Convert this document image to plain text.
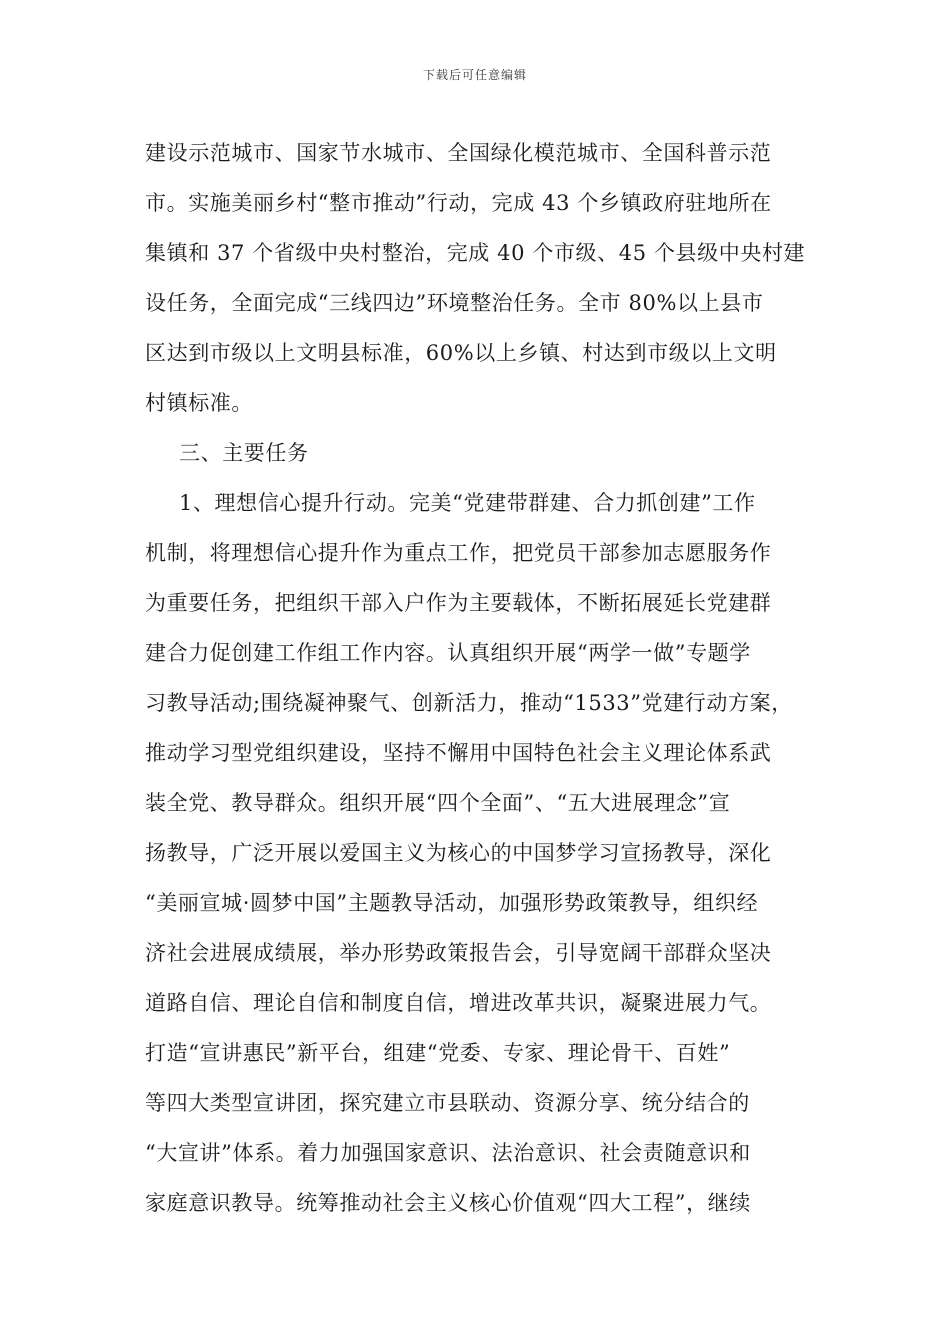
下载后可任意编辑
建设示范城市、国家节水城市、全国绿化模范城市、全国科普示范
市。实施美丽乡村“整市推动”行动，完成 43 个乡镇政府驻地所在
集镇和 37 个省级中央村整治，完成 40 个市级、45 个县级中央村建
设任务，全面完成“三线四边”环境整治任务。全市 80%以上县市
区达到市级以上文明县标准，60%以上乡镇、村达到市级以上文明
村镇标准。
三、主要任务
1、理想信心提升行动。完美“党建带群建、合力抓创建”工作
机制，将理想信心提升作为重点工作，把党员干部参加志愿服务作
为重要任务，把组织干部入户作为主要载体，不断拓展延长党建群
建合力促创建工作组工作内容。认真组织开展“两学一做”专题学
习教导活动;围绕凝神聚气、创新活力，推动“1533”党建行动方案，
推动学习型党组织建设，坚持不懈用中国特色社会主义理论体系武
装全党、教导群众。组织开展“四个全面”、“五大进展理念”宣
扬教导，广泛开展以爱国主义为核心的中国梦学习宣扬教导，深化
“美丽宣城·圆梦中国”主题教导活动，加强形势政策教导，组织经
济社会进展成绩展，举办形势政策报告会，引导宽阔干部群众坚决
道路自信、理论自信和制度自信，增进改革共识，凝聚进展力气。
打造“宣讲惠民”新平台，组建“党委、专家、理论骨干、百姓”
等四大类型宣讲团，探究建立市县联动、资源分享、统分结合的
“大宣讲”体系。着力加强国家意识、法治意识、社会责随意识和
家庭意识教导。统筹推动社会主义核心价值观“四大工程”，继续
